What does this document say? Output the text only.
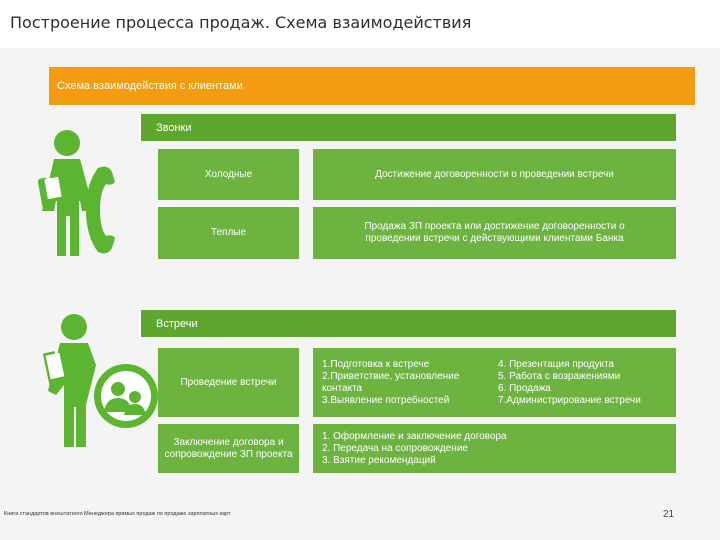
Построение процесса продаж. Схема взаимодействия
Схема взаимодействия с клиентами
Звонки
Холодные	Достижение договоренности о проведении встречи
Теплые
Продажа ЗП проекта или достижение договоренности о проведении встречи с действующими клиентами Банка
Встречи
Проведение встречи
1.Подготовка к встрече
2.Приветствие, установление контакта
3.Выявление потребностей
4. Презентация продукта
5. Работа с возражениями
6. Продажа
7.Администрирование встречи
Заключение договора и сопровождение ЗП проекта
1. Оформление и заключение договора
2. Передача на сопровождение
3. Взятие рекомендаций
Книга стандартов внештатного Менеджера прямых продаж по продаже зарплатных карт	21
